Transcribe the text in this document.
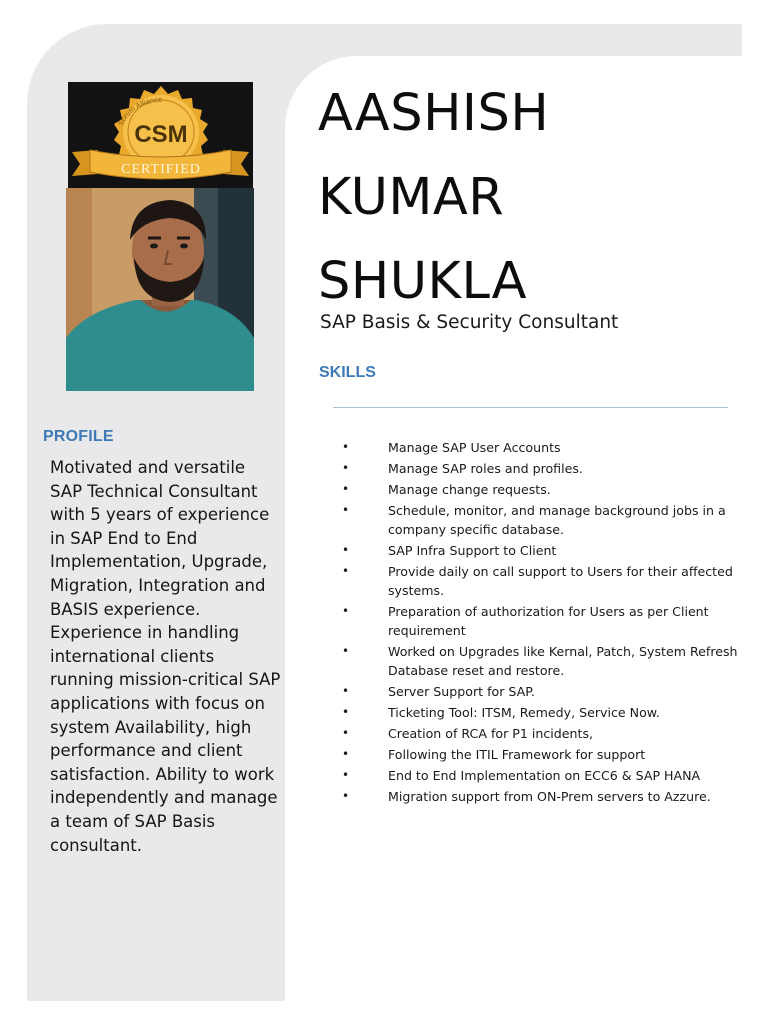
Scrum Alliance
CSM
CERTIFIED
PROFILE
Motivated and versatile SAP Technical Consultant with 5 years of experience in SAP End to End Implementation, Upgrade, Migration, Integration and BASIS experience. Experience in handling international clients running mission-critical SAP applications with focus on system Availability, high performance and client satisfaction. Ability to work independently and manage a team of SAP Basis consultant.
AASHISH
KUMAR
SHUKLA
SAP Basis & Security Consultant
SKILLS
•	Manage SAP User Accounts
•	Manage SAP roles and profiles.
•	Manage change requests.
•	Schedule, monitor, and manage background jobs in a company specific database.
•	SAP Infra Support to Client
•	Provide daily on call support to Users for their affected systems.
•	Preparation of authorization for Users as per Client requirement
•	Worked on Upgrades like Kernal, Patch, System Refresh Database reset and restore.
•	Server Support for SAP.
•	Ticketing Tool: ITSM, Remedy, Service Now.
•	Creation of RCA for P1 incidents,
•	Following the ITIL Framework for support
•	End to End Implementation on ECC6 & SAP HANA
•	Migration support from ON-Prem servers to Azzure.
